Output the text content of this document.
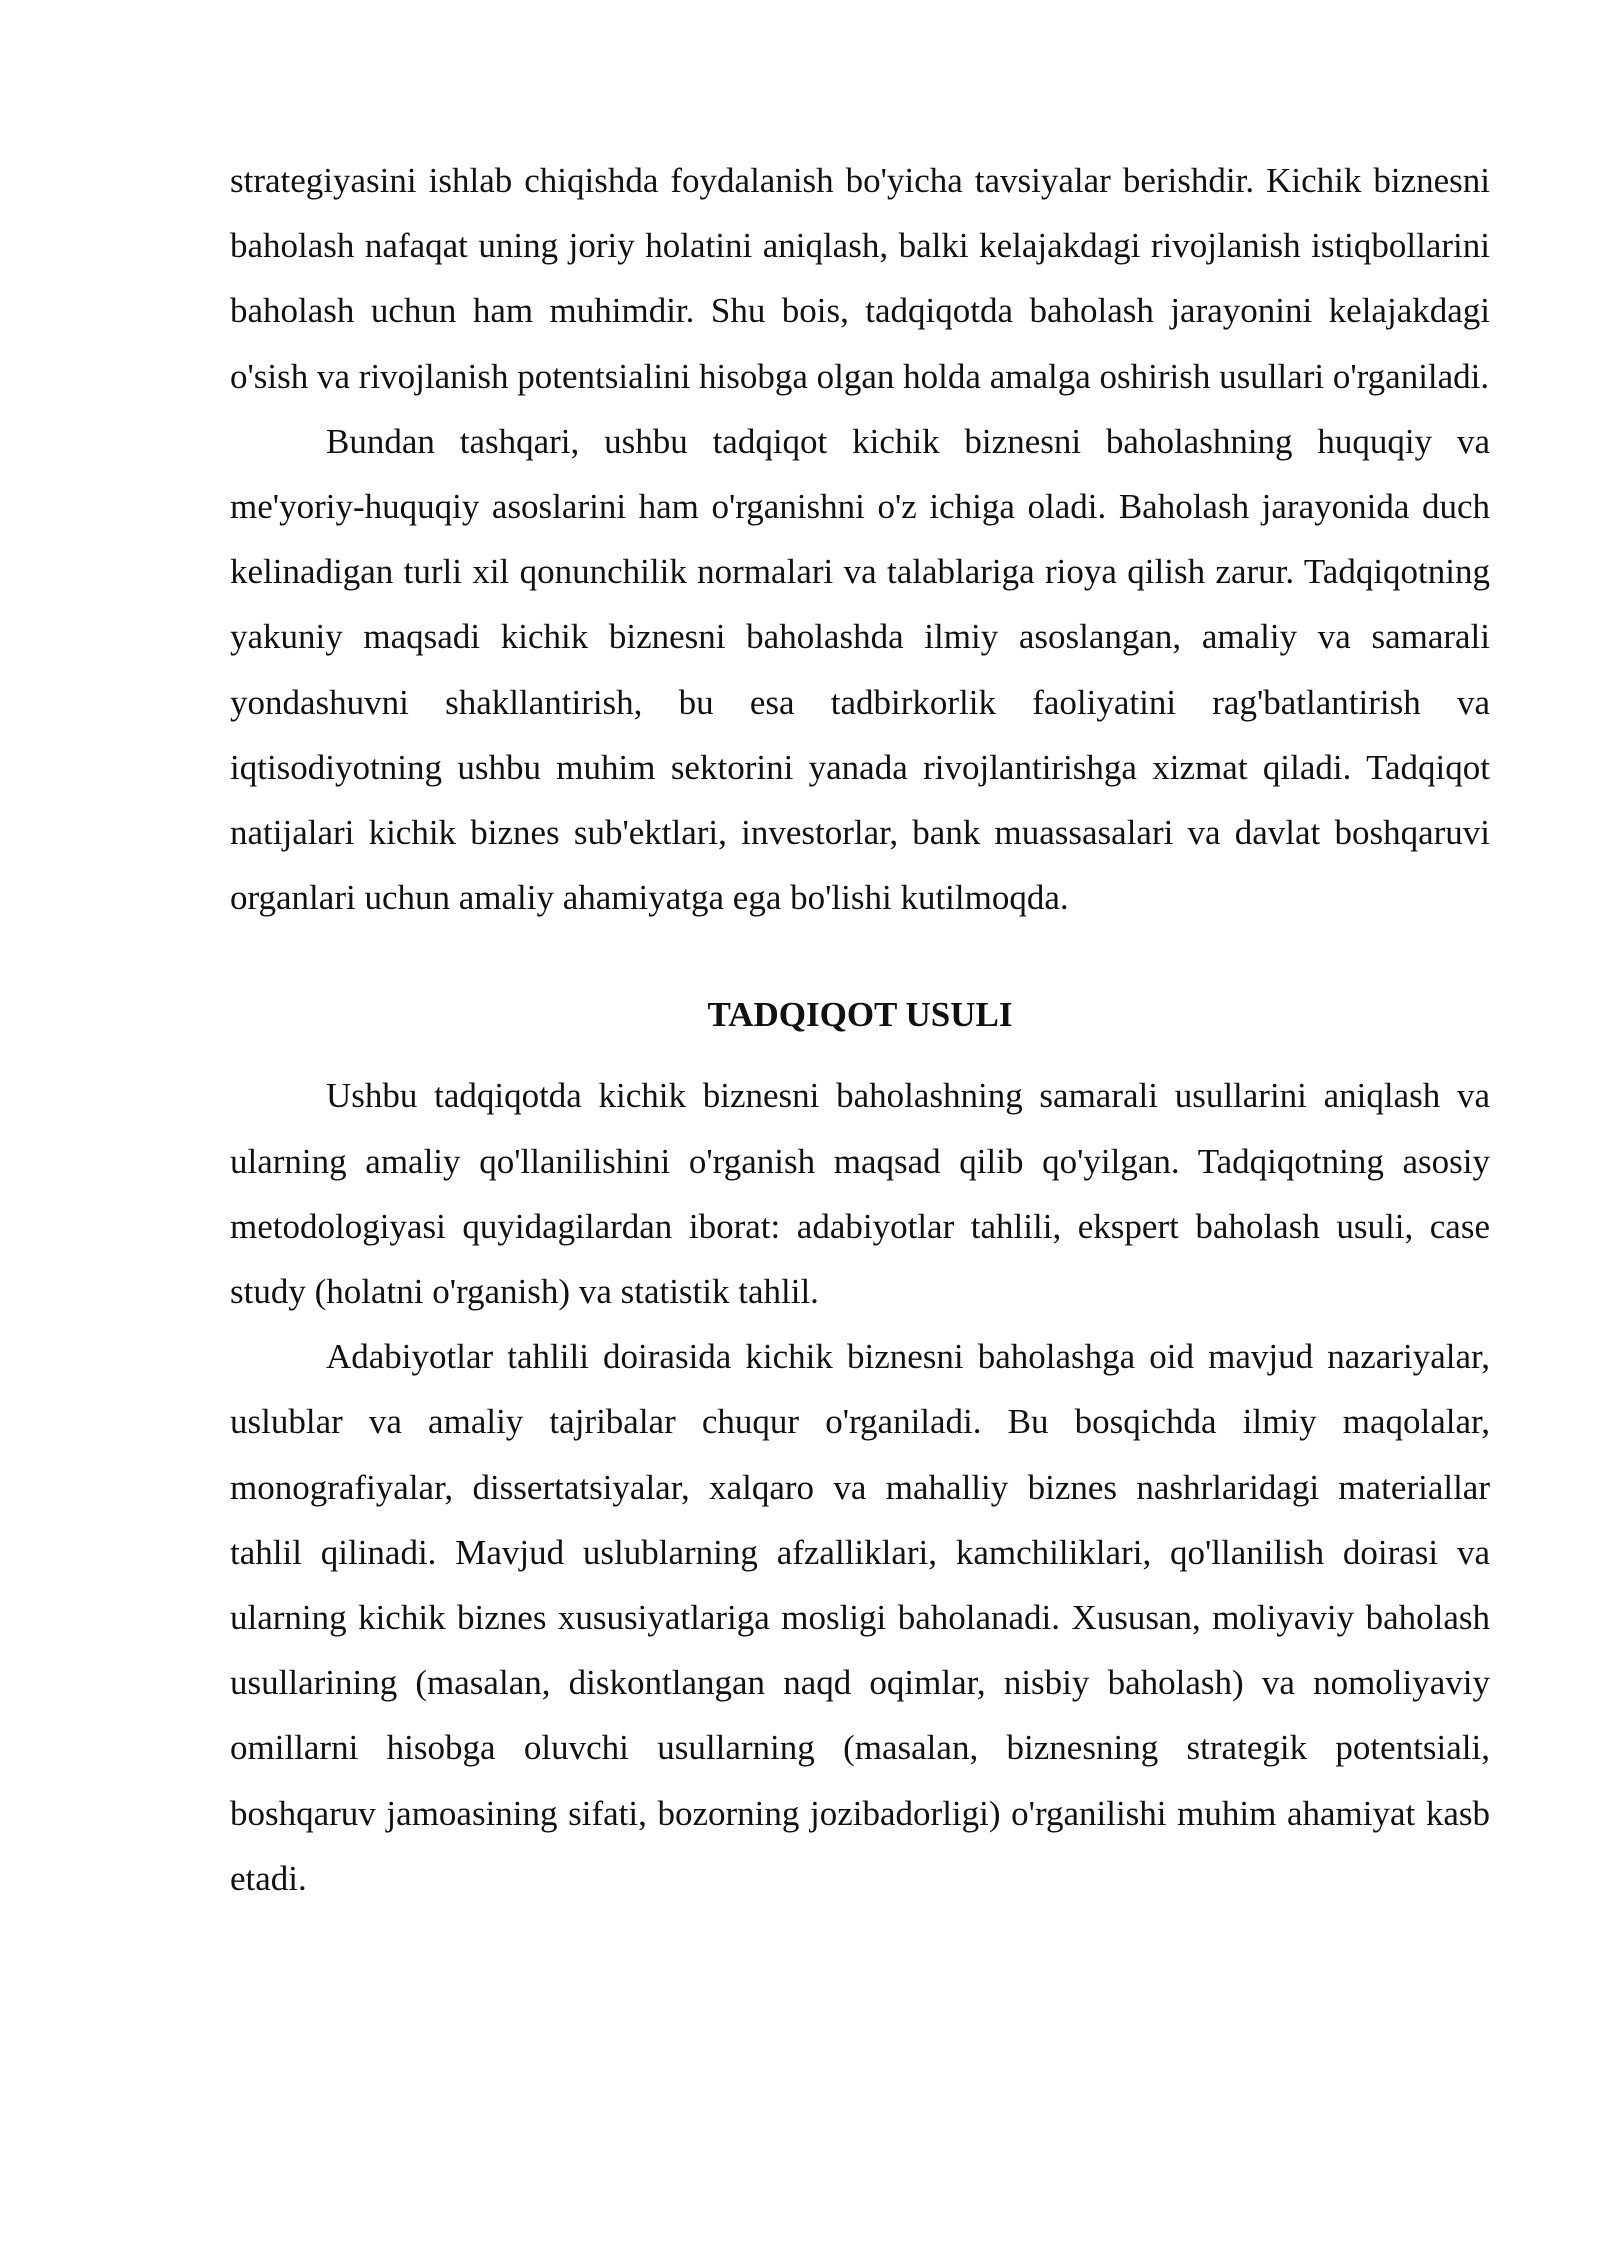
strategiyasini ishlab chiqishda foydalanish bo'yicha tavsiyalar berishdir. Kichik biznesni baholash nafaqat uning joriy holatini aniqlash, balki kelajakdagi rivojlanish istiqbollarini baholash uchun ham muhimdir. Shu bois, tadqiqotda baholash jarayonini kelajakdagi o'sish va rivojlanish potentsialini hisobga olgan holda amalga oshirish usullari o'rganiladi.

Bundan tashqari, ushbu tadqiqot kichik biznesni baholashning huquqiy va me'yoriy-huquqiy asoslarini ham o'rganishni o'z ichiga oladi. Baholash jarayonida duch kelinadigan turli xil qonunchilik normalari va talablariga rioya qilish zarur. Tadqiqotning yakuniy maqsadi kichik biznesni baholashda ilmiy asoslangan, amaliy va samarali yondashuvni shakllantirish, bu esa tadbirkorlik faoliyatini rag'batlantirish va iqtisodiyotning ushbu muhim sektorini yanada rivojlantirishga xizmat qiladi. Tadqiqot natijalari kichik biznes sub'ektlari, investorlar, bank muassasalari va davlat boshqaruvi organlari uchun amaliy ahamiyatga ega bo'lishi kutilmoqda.

TADQIQOT USULI

Ushbu tadqiqotda kichik biznesni baholashning samarali usullarini aniqlash va ularning amaliy qo'llanilishini o'rganish maqsad qilib qo'yilgan. Tadqiqotning asosiy metodologiyasi quyidagilardan iborat: adabiyotlar tahlili, ekspert baholash usuli, case study (holatni o'rganish) va statistik tahlil.

Adabiyotlar tahlili doirasida kichik biznesni baholashga oid mavjud nazariyalar, uslublar va amaliy tajribalar chuqur o'rganiladi. Bu bosqichda ilmiy maqolalar, monografiyalar, dissertatsiyalar, xalqaro va mahalliy biznes nashrlaridagi materiallar tahlil qilinadi. Mavjud uslublarning afzalliklari, kamchiliklari, qo'llanilish doirasi va ularning kichik biznes xususiyatlariga mosligi baholanadi. Xususan, moliyaviy baholash usullarining (masalan, diskontlangan naqd oqimlar, nisbiy baholash) va nomoliyaviy omillarni hisobga oluvchi usullarning (masalan, biznesning strategik potentsiali, boshqaruv jamoasining sifati, bozorning jozibadorligi) o'rganilishi muhim ahamiyat kasb etadi.
